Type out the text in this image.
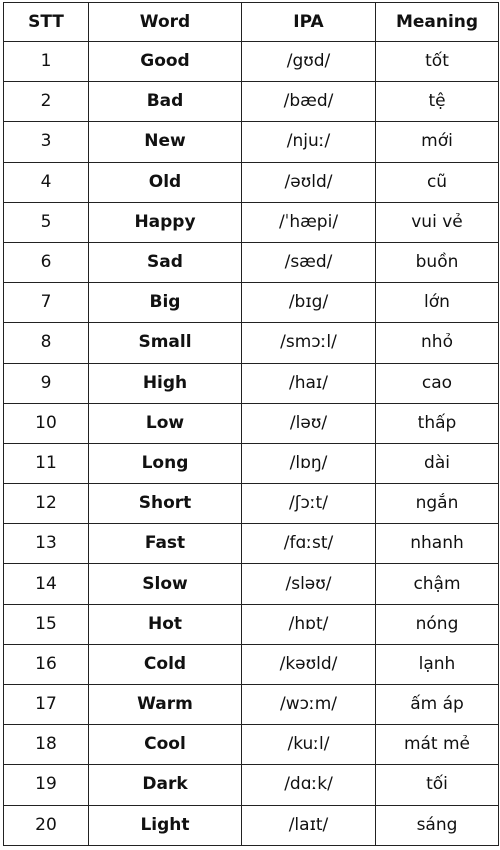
STT	Word	IPA	Meaning
1	Good	/gʊd/	tốt
2	Bad	/bæd/	tệ
3	New	/njuː/	mới
4	Old	/əʊld/	cũ
5	Happy	/ˈhæpi/	vui vẻ
6	Sad	/sæd/	buồn
7	Big	/bɪg/	lớn
8	Small	/smɔːl/	nhỏ
9	High	/haɪ/	cao
10	Low	/ləʊ/	thấp
11	Long	/lɒŋ/	dài
12	Short	/ʃɔːt/	ngắn
13	Fast	/fɑːst/	nhanh
14	Slow	/sləʊ/	chậm
15	Hot	/hɒt/	nóng
16	Cold	/kəʊld/	lạnh
17	Warm	/wɔːm/	ấm áp
18	Cool	/kuːl/	mát mẻ
19	Dark	/dɑːk/	tối
20	Light	/laɪt/	sáng
